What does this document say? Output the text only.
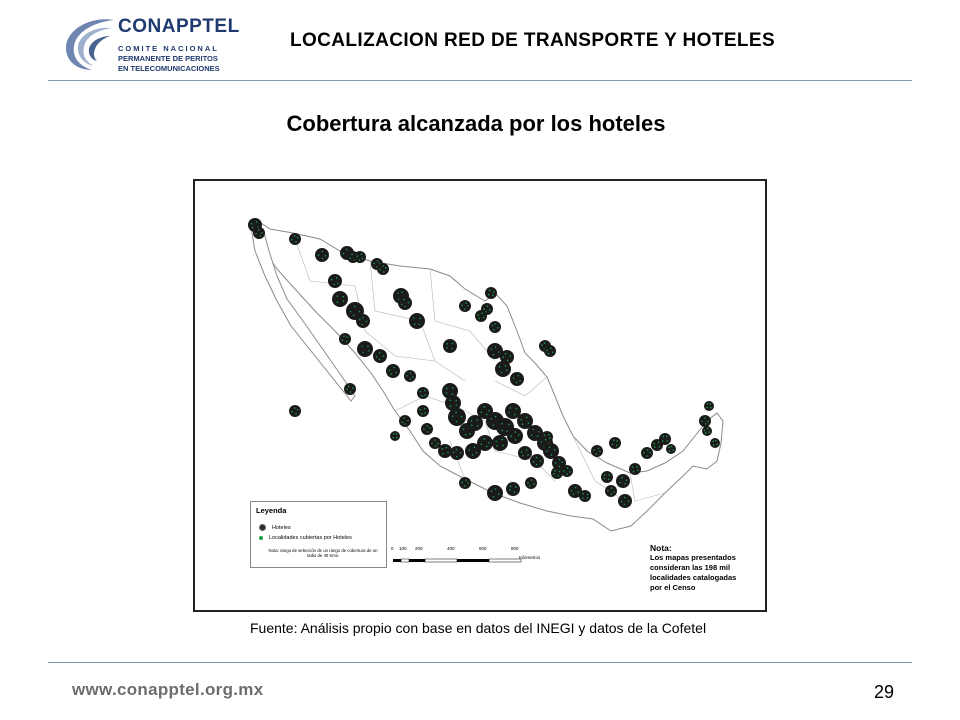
CONAPPTEL
COMITE NACIONAL
PERMANENTE DE PERITOS
EN TELECOMUNICACIONES
LOCALIZACION RED DE TRANSPORTE Y HOTELES
Cobertura alcanzada por los hoteles
Leyenda
Hoteles
Localidades cubiertas por Hoteles
Nota: rango de selección de un rango de cobertura de un radio de 40 Kms.
0 100 200	400	600	800
Kilómetros
Nota:
Los mapas presentados
consideran las 198 mil
localidades catalogadas
por el Censo
Fuente: Análisis propio con base en datos del INEGI y datos de la Cofetel
www.conapptel.org.mx	29
